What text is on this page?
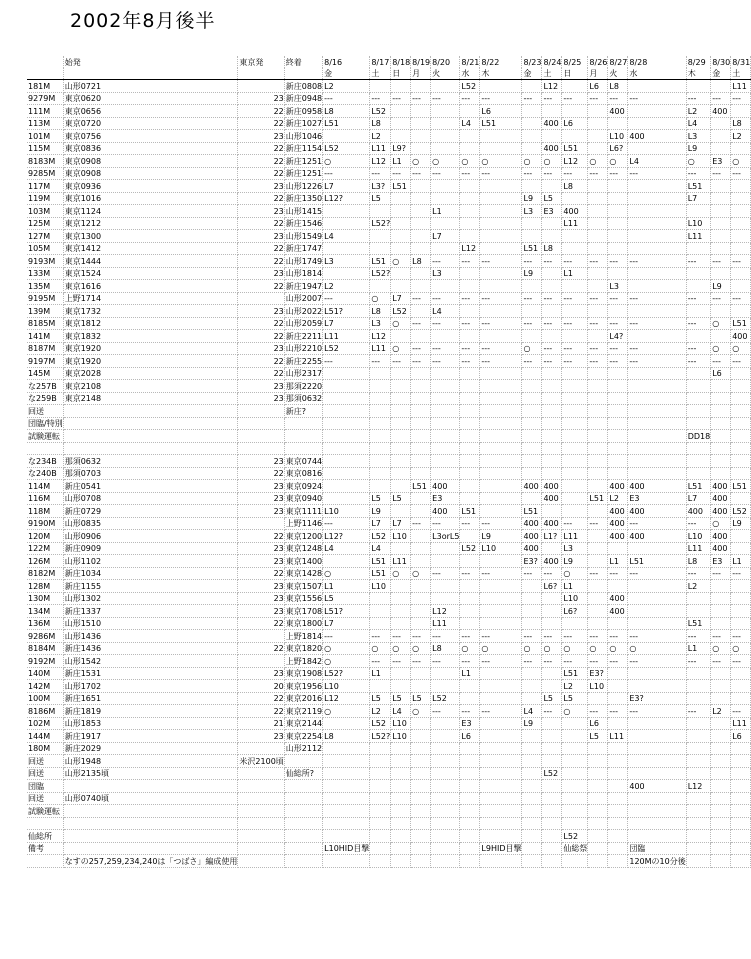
2002年8月後半
	始発	東京発	終着	8/16	8/17	8/18	8/19	8/20	8/21	8/22	8/23	8/24	8/25	8/26	8/27	8/28	8/29	8/30	8/31
				金	土	日	月	火	水	木	金	土	日	月	火	水	木	金	土
181M	山形0721		新庄0808	L2					L52			L12		L6	L8				L11
9279M	東京0620	23	新庄0948	---	---	---	---	---	---	---	---	---	---	---	---	---	---	---	---
111M	東京0656	22	新庄0958	L8	L52					L6					400		L2	400	
113M	東京0720	22	新庄1027	L51	L8				L4	L51		400	L6				L4		L8
101M	東京0756	23	山形1046		L2										L10	400	L3		L2
115M	東京0836	22	新庄1154	L52	L11	L9?						400	L51		L6?		L9		
8183M	東京0908	22	新庄1251	○	L12	L1	○	○	○	○	○	○	L12	○	○	L4	○	E3	○
9285M	東京0908	22	新庄1251	---	---	---	---	---	---	---	---	---	---	---	---	---	---	---	---
117M	東京0936	23	山形1226	L7	L3?	L51							L8				L51		
119M	東京1016	22	新庄1350	L12?	L5						L9	L5					L7		
103M	東京1124	23	山形1415					L1			L3	E3	400						
125M	東京1212	22	新庄1546		L52?								L11				L10		
127M	東京1300	23	山形1549	L4				L7									L11		
105M	東京1412	22	新庄1747						L12		L51	L8							
9193M	東京1444	22	山形1749	L3	L51	○	L8	---	---	---	---	---	---	---	---	---	---	---	---
133M	東京1524	23	山形1814		L52?			L3			L9		L1						
135M	東京1616	22	新庄1947	L2											L3			L9	
9195M	上野1714		山形2007	---	○	L7	---	---	---	---	---	---	---	---	---	---	---	---	---
139M	東京1732	23	山形2022	L51?	L8	L52		L4											
8185M	東京1812	22	山形2059	L7	L3	○	---	---	---	---	---	---	---	---	---	---	---	○	L51
141M	東京1832	22	新庄2211	L11	L12										L4?				400
8187M	東京1920	23	山形2210	L52	L11	○	---	---	---	---	○	---	---	---	---	---	---	○	○
9197M	東京1920	22	新庄2255	---	---	---	---	---	---	---	---	---	---	---	---	---	---	---	---
145M	東京2028	22	山形2317															L6	
な257B	東京2108	23	那須2220																
な259B	東京2148	23	那須0632																
回送			新庄?																
団臨/特別																			
試験運転																	DD18		

な234B	那須0632	23	東京0744																
な240B	那須0703	22	東京0816																
114M	新庄0541	23	東京0924				L51	400			400	400			400	400	L51	400	L51
116M	山形0708	23	東京0940		L5	L5		E3				400		L51	L2	E3	L7	400	
118M	新庄0729	23	東京1111	L10	L9			400	L51		L51				400	400	400	400	L52
9190M	山形0835		上野1146	---	L7	L7	---	---	---	---	400	400	---	---	400	---	---	○	L9
120M	山形0906	22	東京1200	L12?	L52	L10		L3orL5		L9	400	L1?	L11		400	400	L10	400	
122M	新庄0909	23	東京1248	L4	L4				L52	L10	400		L3				L11	400	
126M	山形1102	23	東京1400		L51	L11					E3?	400	L9		L1	L51	L8	E3	L1
8182M	新庄1034	22	東京1428	○	L51	○	○	---	---	---	---	---	○	---	---	---	---	---	---
128M	新庄1155	23	東京1507	L1	L10							L6?	L1				L2		
130M	山形1302	23	東京1556	L5									L10		400				
134M	新庄1337	23	東京1708	L51?				L12					L6?		400				
136M	山形1510	22	東京1800	L7				L11									L51		
9286M	山形1436		上野1814	---	---	---	---	---	---	---	---	---	---	---	---	---	---	---	---
8184M	新庄1436	22	東京1820	○	○	○	○	L8	○	○	○	○	○	○	○	○	L1	○	○
9192M	山形1542		上野1842	○	---	---	---	---	---	---	---	---	---	---	---	---	---	---	---
140M	新庄1531	23	東京1908	L52?	L1				L1				L51	E3?					
142M	山形1702	20	東京1956	L10									L2	L10					
100M	新庄1651	22	東京2016	L12	L5	L5	L5	L52				L5	L5			E3?			
8186M	新庄1819	22	東京2119	○	L2	L4	○	---	---	---	L4	---	○	---	---	---	---	L2	---
102M	山形1853	21	東京2144		L52	L10			E3		L9			L6					L11
144M	新庄1917	23	東京2254	L8	L52?	L10			L6					L5	L11				L6
180M	新庄2029		山形2112																
回送	山形1948	米沢2100頃																	
回送	山形2135頃		仙総所?									L52							
団臨																400	L12		
回送	山形0740頃																		
試験運転																			

仙総所													L52						
備考				L10HID目撃						L9HID目撃			仙総祭			団臨			
	なすの257,259,234,240は「つばさ」編成使用															120Mの10分後			
